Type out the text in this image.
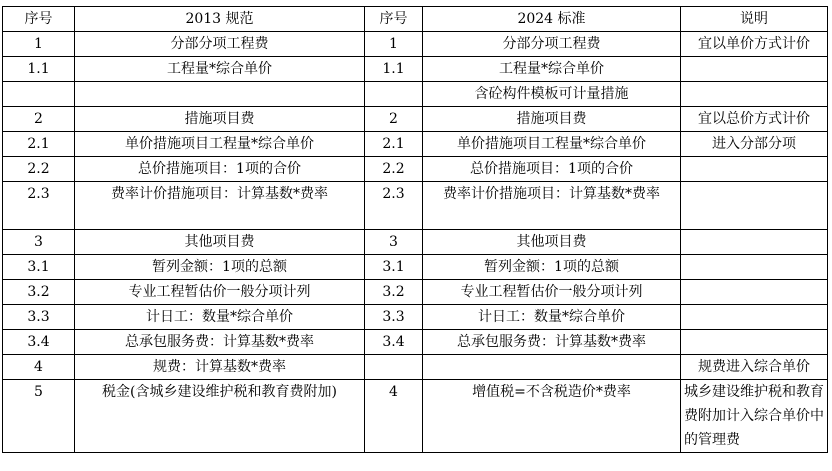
序号	2013 规范	序号	2024 标准	说明
1	分部分项工程费	1	分部分项工程费	宜以单价方式计价
1.1	工程量*综合单价	1.1	工程量*综合单价	
			含砼构件模板可计量措施	
2	措施项目费	2	措施项目费	宜以总价方式计价
2.1	单价措施项目工程量*综合单价	2.1	单价措施项目工程量*综合单价	进入分部分项
2.2	总价措施项目：1项的合价	2.2	总价措施项目：1项的合价	
2.3	费率计价措施项目：计算基数*费率	2.3	费率计价措施项目：计算基数*费率	
3	其他项目费	3	其他项目费	
3.1	暂列金额：1项的总额	3.1	暂列金额：1项的总额	
3.2	专业工程暂估价一般分项计列	3.2	专业工程暂估价一般分项计列	
3.3	计日工：数量*综合单价	3.3	计日工：数量*综合单价	
3.4	总承包服务费：计算基数*费率	3.4	总承包服务费：计算基数*费率	
4	规费：计算基数*费率			规费进入综合单价
5	税金(含城乡建设维护税和教育费附加)	4	增值税=不含税造价*费率	城乡建设维护税和教育费附加计入综合单价中的管理费
